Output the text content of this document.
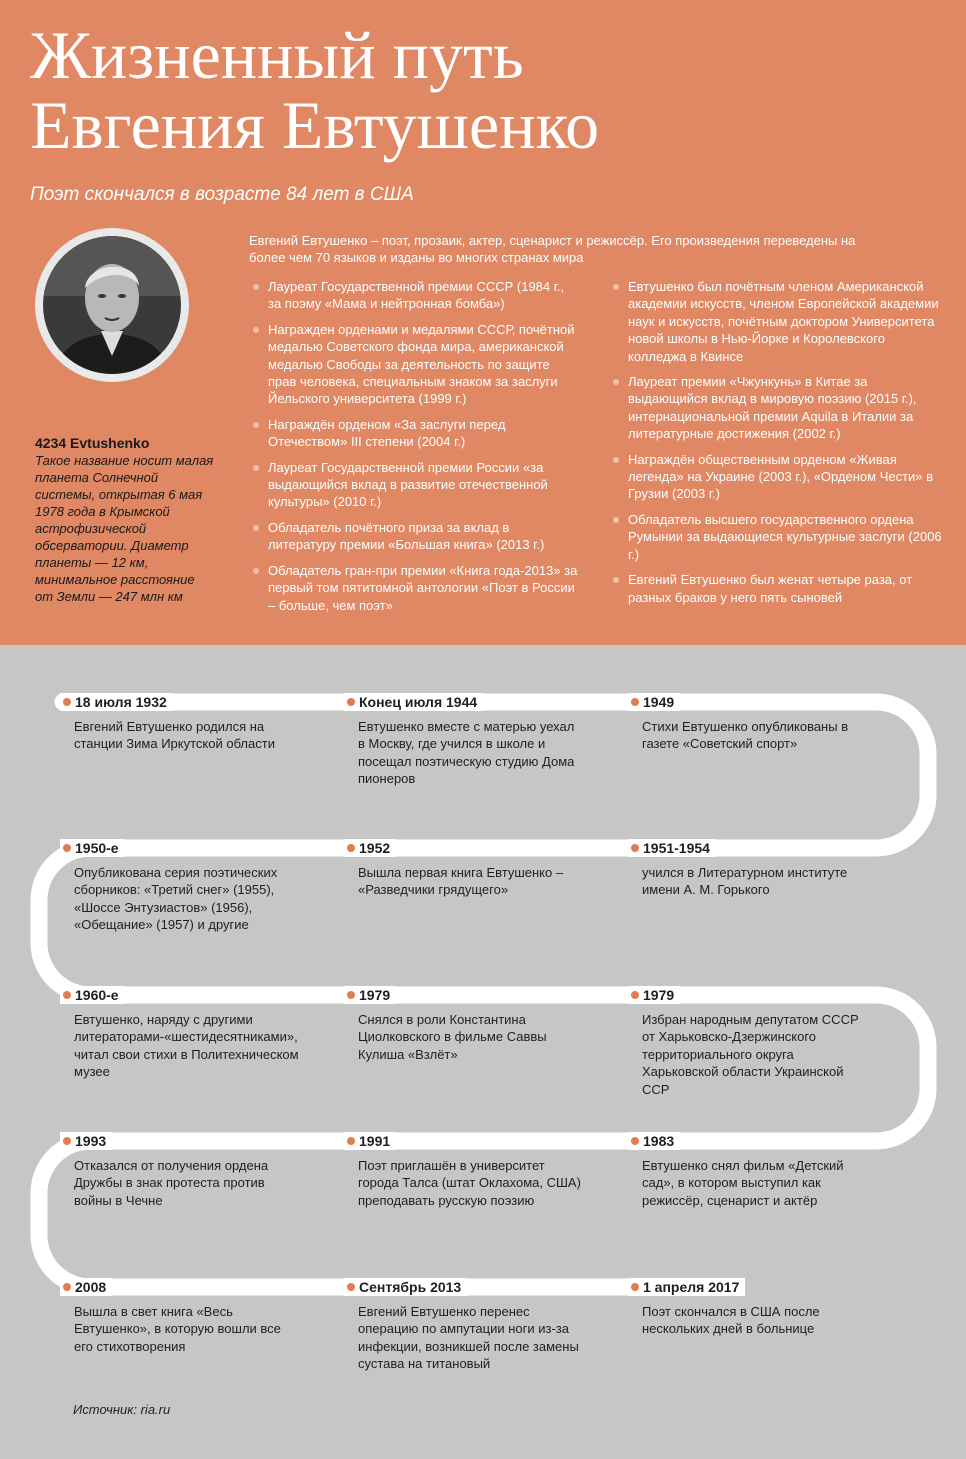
Жизненный путь
Евгения Евтушенко
Поэт скончался в возрасте 84 лет в США
4234 Evtushenko
Такое название носит малая планета Солнечной системы, открытая 6 мая 1978 года в Крымской астрофизической обсерватории. Диаметр планеты — 12 км, минимальное расстояние от Земли — 247 млн км
Евгений Евтушенко – поэт, прозаик, актер, сценарист и режиссёр. Его произведения переведены на более чем 70 языков и изданы во многих странах мира
Лауреат Государственной премии СССР (1984 г., за поэму «Мама и нейтронная бомба»)
Награжден орденами и медалями СССР, почётной медалью Советского фонда мира, американской медалью Свободы за деятельность по защите прав человека, специальным знаком за заслуги Йельского университета (1999 г.)
Награждён орденом «За заслуги перед Отечеством» III степени (2004 г.)
Лауреат Государственной премии России «за выдающийся вклад в развитие отечественной культуры» (2010 г.)
Обладатель почётного приза за вклад в литературу премии «Большая книга» (2013 г.)
Обладатель гран-при премии «Книга года-2013» за первый том пятитомной антологии «Поэт в России – больше, чем поэт»
Евтушенко был почётным членом Американской академии искусств, членом Европейской академии наук и искусств, почётным доктором Университета новой школы в Нью-Йорке и Королевского колледжа в Квинсе
Лауреат премии «Чжункунь» в Китае за выдающийся вклад в мировую поэзию (2015 г.), интернациональной премии Aquila в Италии за литературные достижения (2002 г.)
Награждён общественным орденом «Живая легенда» на Украине (2003 г.), «Орденом Чести» в Грузии (2003 г.)
Обладатель высшего государственного ордена Румынии за выдающиеся культурные заслуги (2006 г.)
Евгений Евтушенко был женат четыре раза, от разных браков у него пять сыновей
18 июля 1932
Евгений Евтушенко родился на станции Зима Иркутской области
Конец июля 1944
Евтушенко вместе с матерью уехал в Москву, где учился в школе и посещал поэтическую студию Дома пионеров
1949
Стихи Евтушенко опубликованы в газете «Советский спорт»
1950-е
Опубликована серия поэтических сборников: «Третий снег» (1955), «Шоссе Энтузиастов» (1956), «Обещание» (1957) и другие
1952
Вышла первая книга Евтушенко – «Разведчики грядущего»
1951-1954
учился в Литературном институте имени А. М. Горького
1960-е
Евтушенко, наряду с другими литераторами-«шестидесятниками», читал свои стихи в Политехническом музее
1979
Снялся в роли Константина Циолковского в фильме Саввы Кулиша «Взлёт»
1979
Избран народным депутатом СССР от Харьковско-Дзержинского территориального округа Харьковской области Украинской ССР
1993
Отказался от получения ордена Дружбы в знак протеста против войны в Чечне
1991
Поэт приглашён в университет города Талса (штат Оклахома, США) преподавать русскую поэзию
1983
Евтушенко снял фильм «Детский сад», в котором выступил как режиссёр, сценарист и актёр
2008
Вышла в свет книга «Весь Евтушенко», в которую вошли все его стихотворения
Сентябрь 2013
Евгений Евтушенко перенес операцию по ампутации ноги из-за инфекции, возникшей после замены сустава на титановый
1 апреля 2017
Поэт скончался в США после нескольких дней в больнице
Источник: ria.ru
